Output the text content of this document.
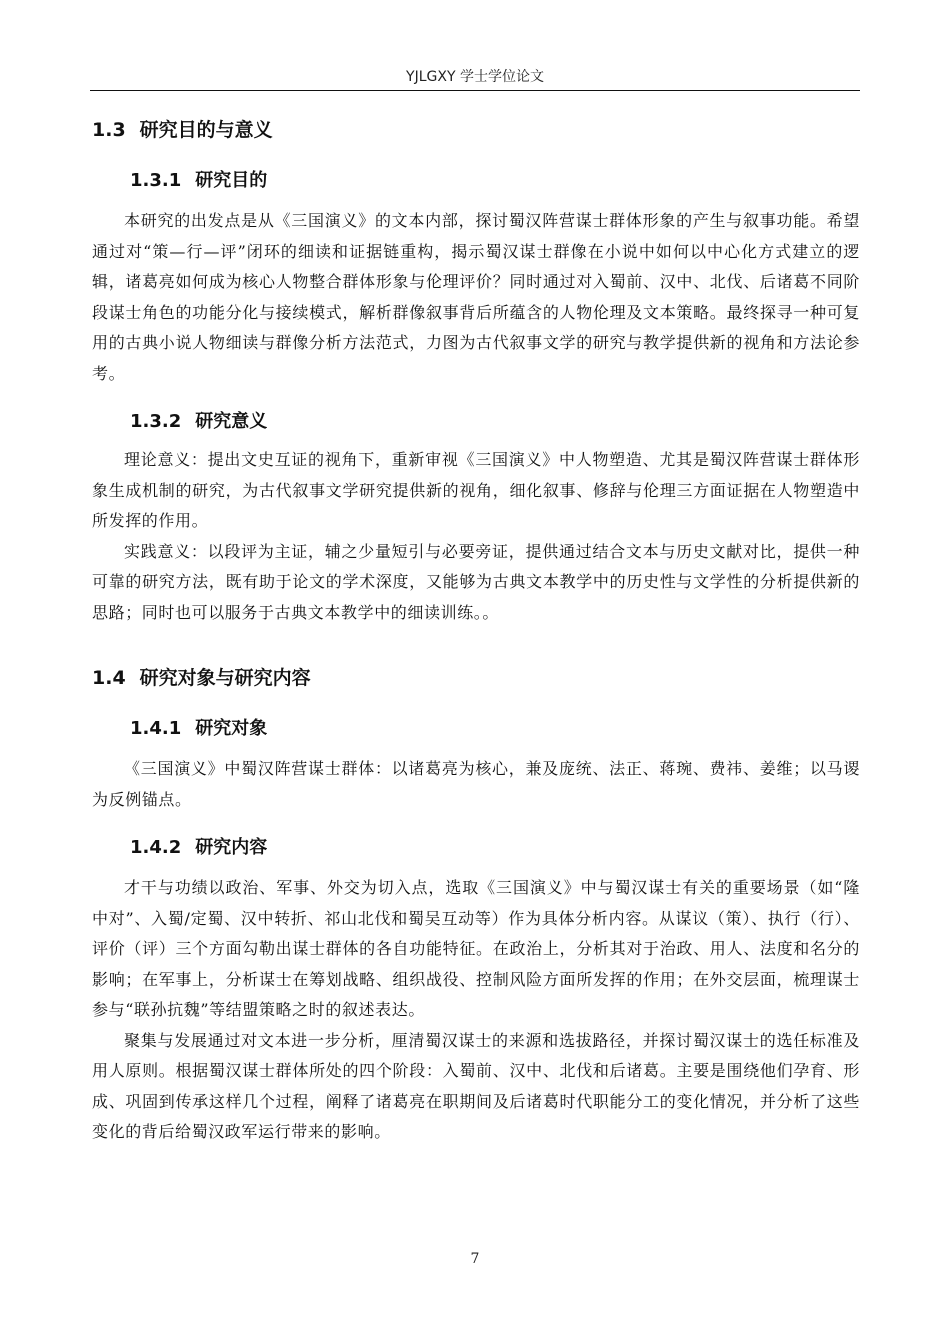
YJLGXY 学士学位论文
1.3 研究目的与意义
1.3.1 研究目的

本研究的出发点是从《三国演义》的文本内部，探讨蜀汉阵营谋士群体形象的产生与叙事功能。希望通过对“策—行—评”闭环的细读和证据链重构，揭示蜀汉谋士群像在小说中如何以中心化方式建立的逻辑，诸葛亮如何成为核心人物整合群体形象与伦理评价？同时通过对入蜀前、汉中、北伐、后诸葛不同阶段谋士角色的功能分化与接续模式，解析群像叙事背后所蕴含的人物伦理及文本策略。最终探寻一种可复用的古典小说人物细读与群像分析方法范式，力图为古代叙事文学的研究与教学提供新的视角和方法论参考。

1.3.2 研究意义

理论意义：提出文史互证的视角下，重新审视《三国演义》中人物塑造、尤其是蜀汉阵营谋士群体形象生成机制的研究，为古代叙事文学研究提供新的视角，细化叙事、修辞与伦理三方面证据在人物塑造中所发挥的作用。

实践意义：以段评为主证，辅之少量短引与必要旁证，提供通过结合文本与历史文献对比，提供一种可靠的研究方法，既有助于论文的学术深度，又能够为古典文本教学中的历史性与文学性的分析提供新的思路；同时也可以服务于古典文本教学中的细读训练。。

1.4 研究对象与研究内容
1.4.1 研究对象

《三国演义》中蜀汉阵营谋士群体：以诸葛亮为核心，兼及庞统、法正、蒋琬、费祎、姜维；以马谡为反例锚点。

1.4.2 研究内容

才干与功绩以政治、军事、外交为切入点，选取《三国演义》中与蜀汉谋士有关的重要场景（如“隆中对”、入蜀/定蜀、汉中转折、祁山北伐和蜀吴互动等）作为具体分析内容。从谋议（策）、执行（行）、评价（评）三个方面勾勒出谋士群体的各自功能特征。在政治上，分析其对于治政、用人、法度和名分的影响；在军事上，分析谋士在筹划战略、组织战役、控制风险方面所发挥的作用；在外交层面，梳理谋士参与“联孙抗魏”等结盟策略之时的叙述表达。

聚集与发展通过对文本进一步分析，厘清蜀汉谋士的来源和选拔路径，并探讨蜀汉谋士的选任标准及用人原则。根据蜀汉谋士群体所处的四个阶段：入蜀前、汉中、北伐和后诸葛。主要是围绕他们孕育、形成、巩固到传承这样几个过程，阐释了诸葛亮在职期间及后诸葛时代职能分工的变化情况，并分析了这些变化的背后给蜀汉政军运行带来的影响。

7
